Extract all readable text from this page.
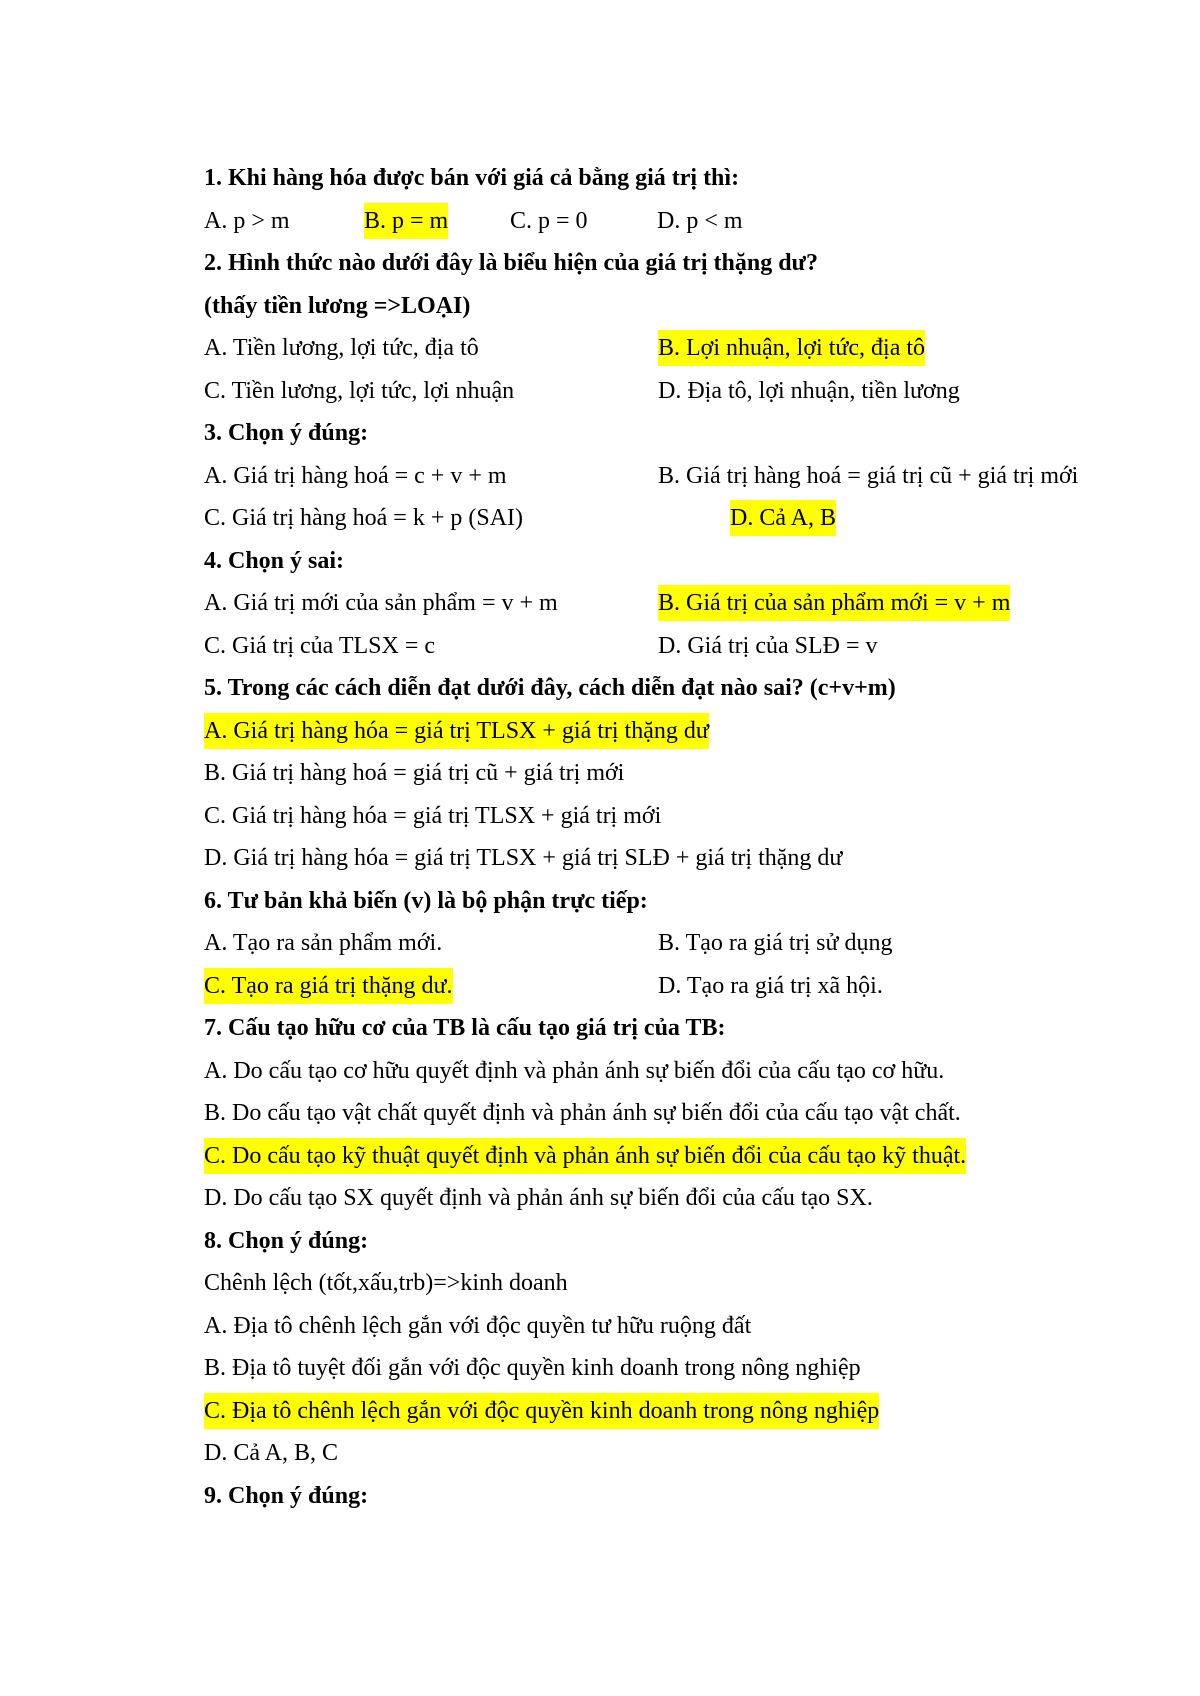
1. Khi hàng hóa được bán với giá cả bằng giá trị thì:
A. p > m	B. p = m	C. p = 0	D. p < m
2. Hình thức nào dưới đây là biểu hiện của giá trị thặng dư?
(thấy tiền lương =>LOẠI)
A. Tiền lương, lợi tức, địa tô	B. Lợi nhuận, lợi tức, địa tô
C. Tiền lương, lợi tức, lợi nhuận	D. Địa tô, lợi nhuận, tiền lương
3. Chọn ý đúng:
A. Giá trị hàng hoá = c + v + m	B. Giá trị hàng hoá = giá trị cũ + giá trị mới
C. Giá trị hàng hoá = k + p (SAI)	D. Cả A, B
4. Chọn ý sai:
A. Giá trị mới của sản phẩm = v + m	B. Giá trị của sản phẩm mới = v + m
C. Giá trị của TLSX = c	D. Giá trị của SLĐ = v
5. Trong các cách diễn đạt dưới đây, cách diễn đạt nào sai? (c+v+m)
A. Giá trị hàng hóa = giá trị TLSX + giá trị thặng dư
B. Giá trị hàng hoá = giá trị cũ + giá trị mới
C. Giá trị hàng hóa = giá trị TLSX + giá trị mới
D. Giá trị hàng hóa = giá trị TLSX + giá trị SLĐ + giá trị thặng dư
6. Tư bản khả biến (v) là bộ phận trực tiếp:
A. Tạo ra sản phẩm mới.	B. Tạo ra giá trị sử dụng
C. Tạo ra giá trị thặng dư.	D. Tạo ra giá trị xã hội.
7. Cấu tạo hữu cơ của TB là cấu tạo giá trị của TB:
A. Do cấu tạo cơ hữu quyết định và phản ánh sự biến đổi của cấu tạo cơ hữu.
B. Do cấu tạo vật chất quyết định và phản ánh sự biến đổi của cấu tạo vật chất.
C. Do cấu tạo kỹ thuật quyết định và phản ánh sự biến đổi của cấu tạo kỹ thuật.
D. Do cấu tạo SX quyết định và phản ánh sự biến đổi của cấu tạo SX.
8. Chọn ý đúng:
Chênh lệch (tốt,xấu,trb)=>kinh doanh
A. Địa tô chênh lệch gắn với độc quyền tư hữu ruộng đất
B. Địa tô tuyệt đối gắn với độc quyền kinh doanh trong nông nghiệp
C. Địa tô chênh lệch gắn với độc quyền kinh doanh trong nông nghiệp
D. Cả A, B, C
9. Chọn ý đúng:
